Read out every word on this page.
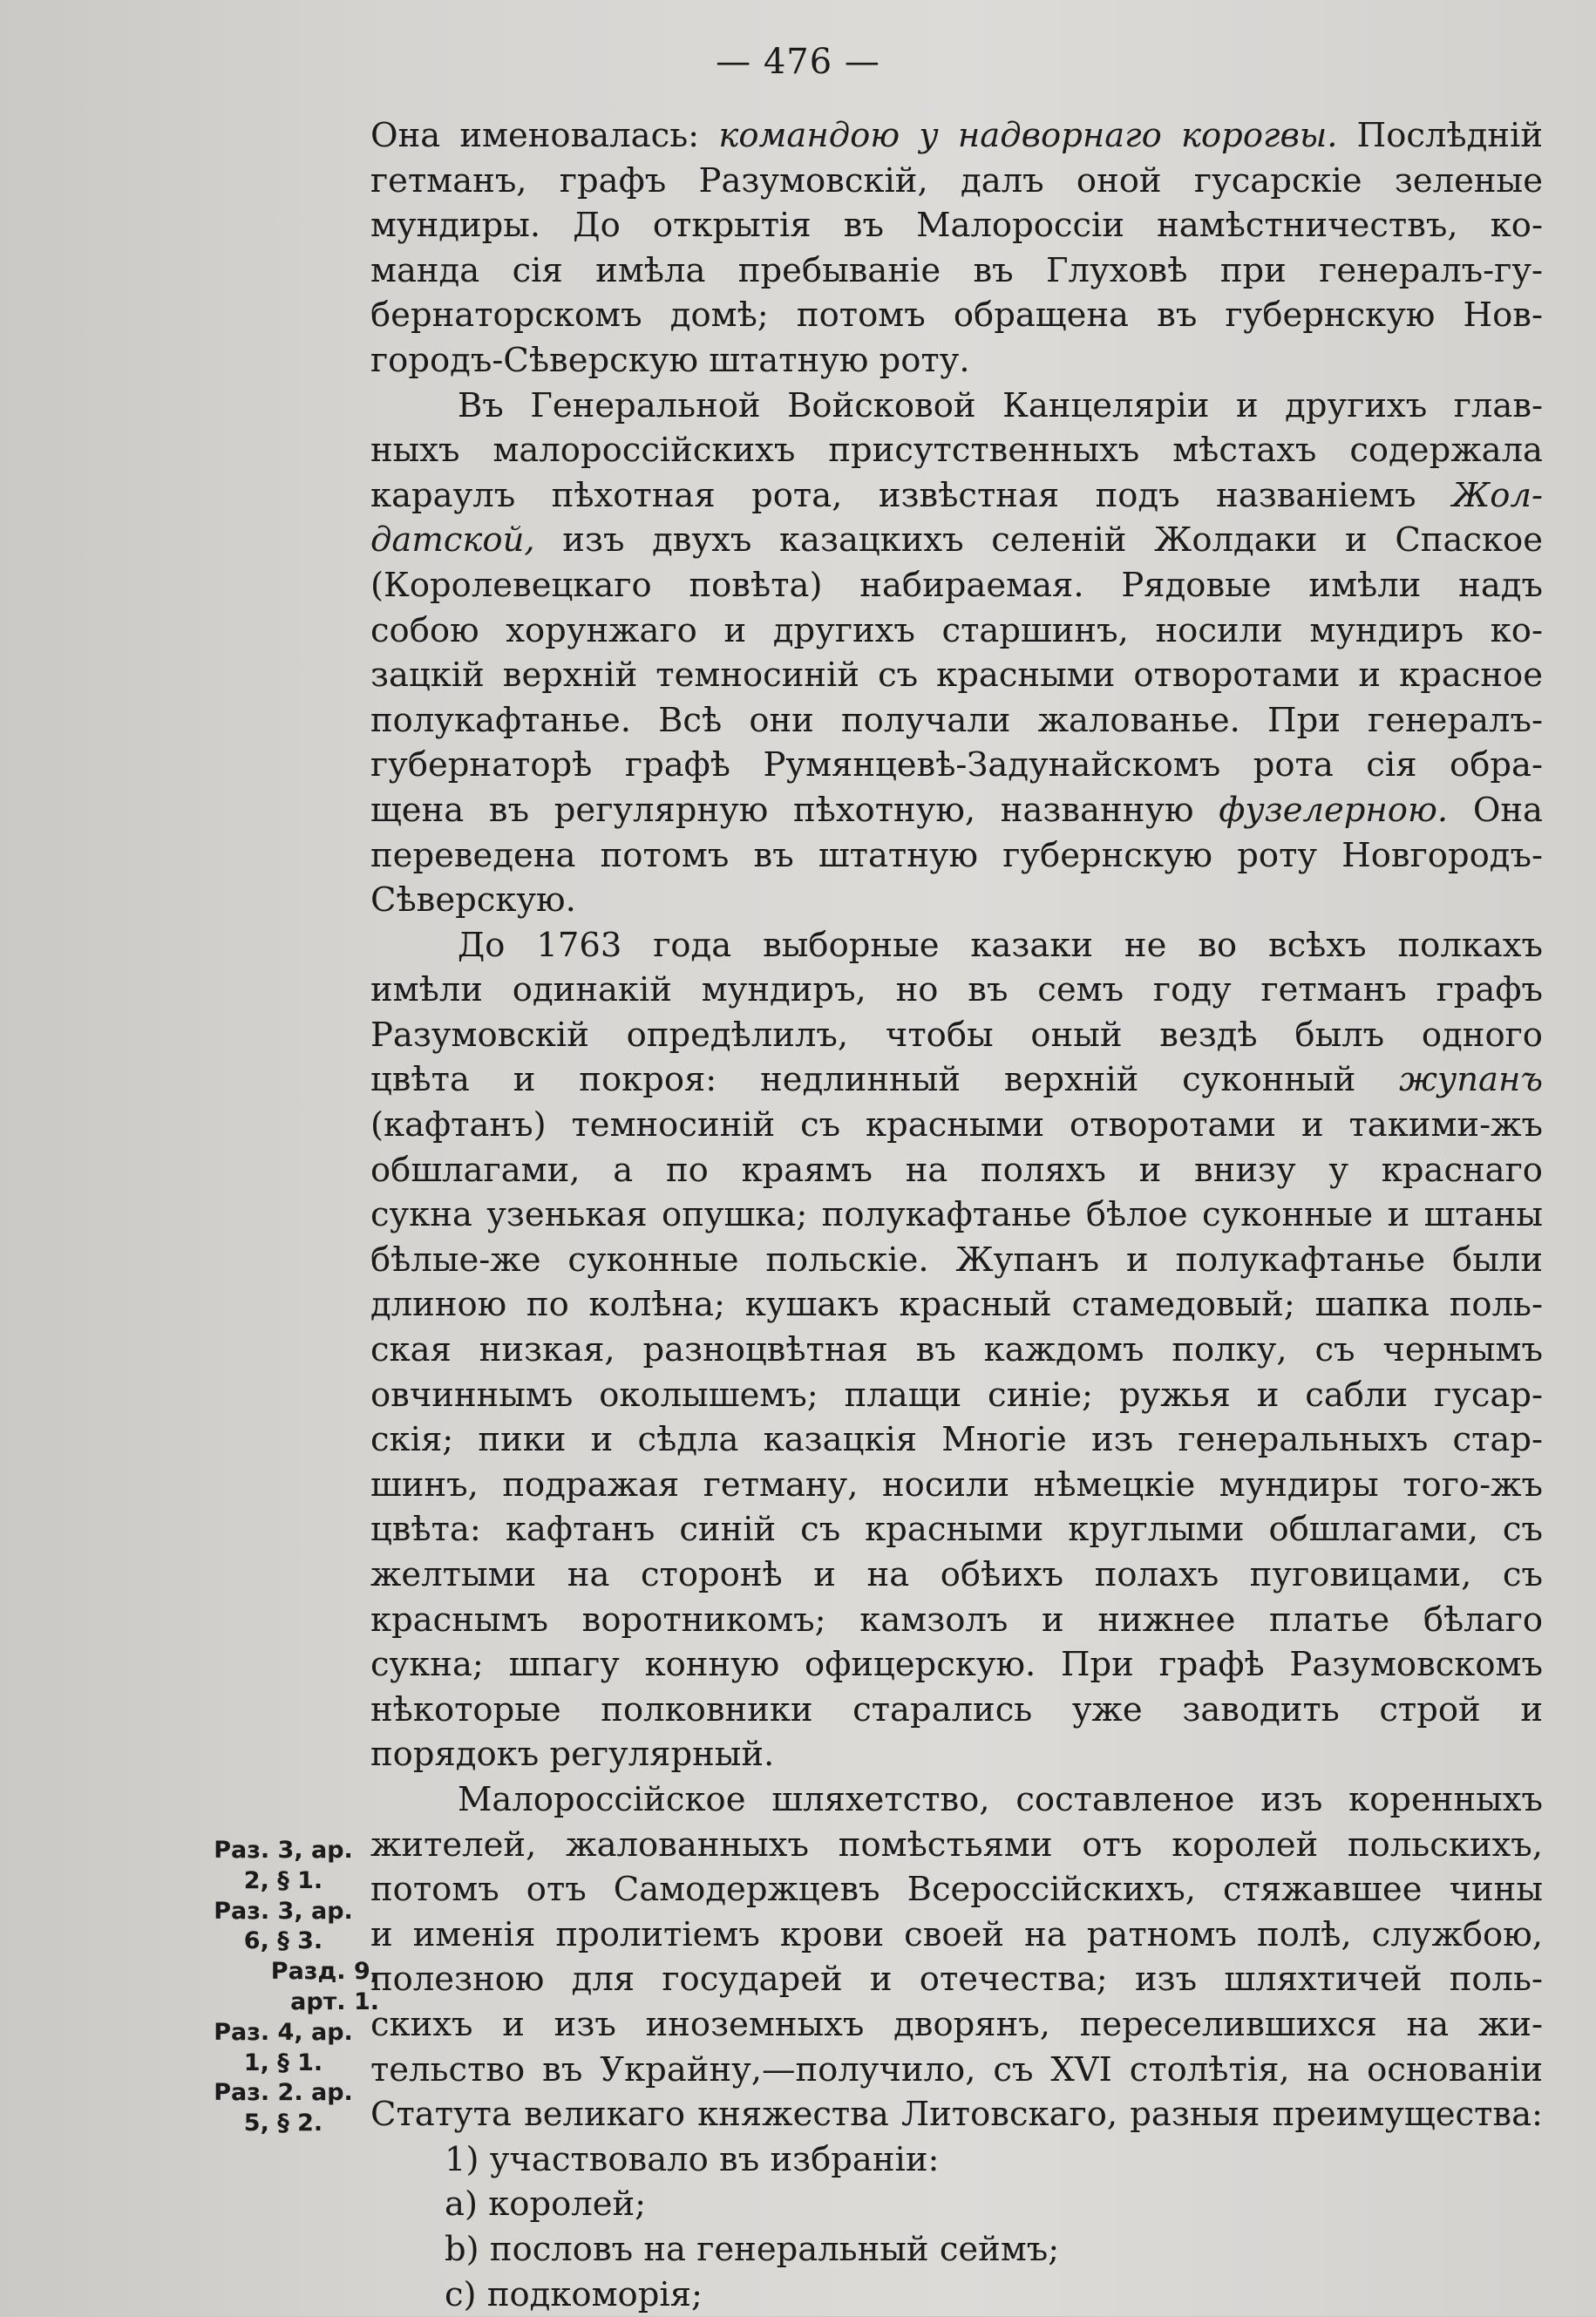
— 476 —
Она именовалась: командою у надворнаго корогвы. Послѣднiй
гетманъ, графъ Разумовскiй, далъ оной гусарскiе зеленые
мундиры. До открытiя въ Малороссiи намѣстничествъ, ко-
манда сiя имѣла пребыванiе въ Глуховѣ при генералъ-гу-
бернаторскомъ домѣ; потомъ обращена въ губернскую Нов-
городъ-Сѣверскую штатную роту.
Въ Генеральной Войсковой Канцелярiи и другихъ глав-
ныхъ малороссiйскихъ присутственныхъ мѣстахъ содержала
караулъ пѣхотная рота, извѣстная подъ названiемъ Жол-
датской, изъ двухъ казацкихъ селенiй Жолдаки и Спаское
(Королевецкаго повѣта) набираемая. Рядовые имѣли надъ
собою хорунжаго и другихъ старшинъ, носили мундиръ ко-
зацкiй верхнiй темносинiй съ красными отворотами и красное
полукафтанье. Всѣ они получали жалованье. При генералъ-
губернаторѣ графѣ Румянцевѣ-Задунайскомъ рота сiя обра-
щена въ регулярную пѣхотную, названную фузелерною. Она
переведена потомъ въ штатную губернскую роту Новгородъ-
Сѣверскую.
До 1763 года выборные казаки не во всѣхъ полкахъ
имѣли одинакiй мундиръ, но въ семъ году гетманъ графъ
Разумовскiй опредѣлилъ, чтобы оный вездѣ былъ одного
цвѣта и покроя: недлинный верхнiй суконный жупанъ
(кафтанъ) темносинiй съ красными отворотами и такими-жъ
обшлагами, а по краямъ на поляхъ и внизу у краснаго
сукна узенькая опушка; полукафтанье бѣлое суконные и штаны
бѣлые-же суконные польскiе. Жупанъ и полукафтанье были
длиною по колѣна; кушакъ красный стамедовый; шапка поль-
ская низкая, разноцвѣтная въ каждомъ полку, съ чернымъ
овчиннымъ околышемъ; плащи синiе; ружья и сабли гусар-
скiя; пики и сѣдла казацкiя Многiе изъ генеральныхъ стар-
шинъ, подражая гетману, носили нѣмецкiе мундиры того-жъ
цвѣта: кафтанъ синiй съ красными круглыми обшлагами, съ
желтыми на сторонѣ и на обѣихъ полахъ пуговицами, съ
краснымъ воротникомъ; камзолъ и нижнее платье бѣлаго
сукна; шпагу конную офицерскую. При графѣ Разумовскомъ
нѣкоторые полковники старались уже заводить строй и
порядокъ регулярный.
Малороссiйское шляхетство, составленое изъ коренныхъ
жителей, жалованныхъ помѣстьями отъ королей польскихъ,
потомъ отъ Самодержцевъ Всероссiйскихъ, стяжавшее чины
и именiя пролитiемъ крови своей на ратномъ полѣ, службою,
полезною для государей и отечества; изъ шляхтичей поль-
скихъ и изъ иноземныхъ дворянъ, переселившихся на жи-
тельство въ Украйну,—получило, съ XVI столѣтiя, на основанiи
Статута великаго княжества Литовскаго, разныя преимущества:
1) участвовало въ избранiи:
a) королей;
b) пословъ на генеральный сеймъ;
c) подкоморiя;
Раз. 3, ар.
2, § 1.
Раз. 3, ар.
6, § 3.
Разд. 9,
арт. 1.
Раз. 4, ар.
1, § 1.
Раз. 2. ар.
5, § 2.
